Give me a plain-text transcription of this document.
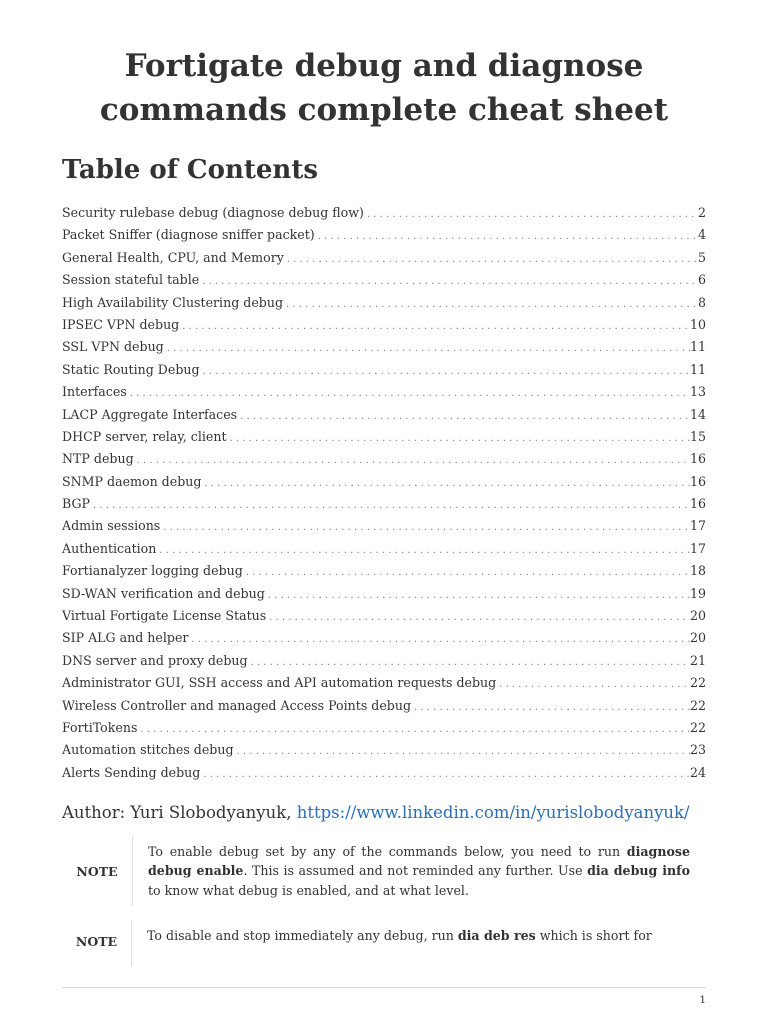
Fortigate debug and diagnose
commands complete cheat sheet
Table of Contents
Security rulebase debug (diagnose debug flow) . . .	2
Packet Sniffer (diagnose sniffer packet) . . .	4
General Health, CPU, and Memory . . .	5
Session stateful table . . .	6
High Availability Clustering debug . . .	8
IPSEC VPN debug . . .	10
SSL VPN debug . . .	11
Static Routing Debug . . .	11
Interfaces . . .	13
LACP Aggregate Interfaces . . .	14
DHCP server, relay, client . . .	15
NTP debug . . .	16
SNMP daemon debug . . .	16
BGP . . .	16
Admin sessions . . .	17
Authentication . . .	17
Fortianalyzer logging debug . . .	18
SD-WAN verification and debug . . .	19
Virtual Fortigate License Status . . .	20
SIP ALG and helper . . .	20
DNS server and proxy debug . . .	21
Administrator GUI, SSH access and API automation requests debug . . .	22
Wireless Controller and managed Access Points debug . . .	22
FortiTokens . . .	22
Automation stitches debug . . .	23
Alerts Sending debug . . .	24
Author: Yuri Slobodyanyuk, https://www.linkedin.com/in/yurislobodyanyuk/
NOTE
To enable debug set by any of the commands below, you need to run diagnose debug enable. This is assumed and not reminded any further. Use dia debug info to know what debug is enabled, and at what level.
NOTE	To disable and stop immediately any debug, run dia deb res which is short for
1
